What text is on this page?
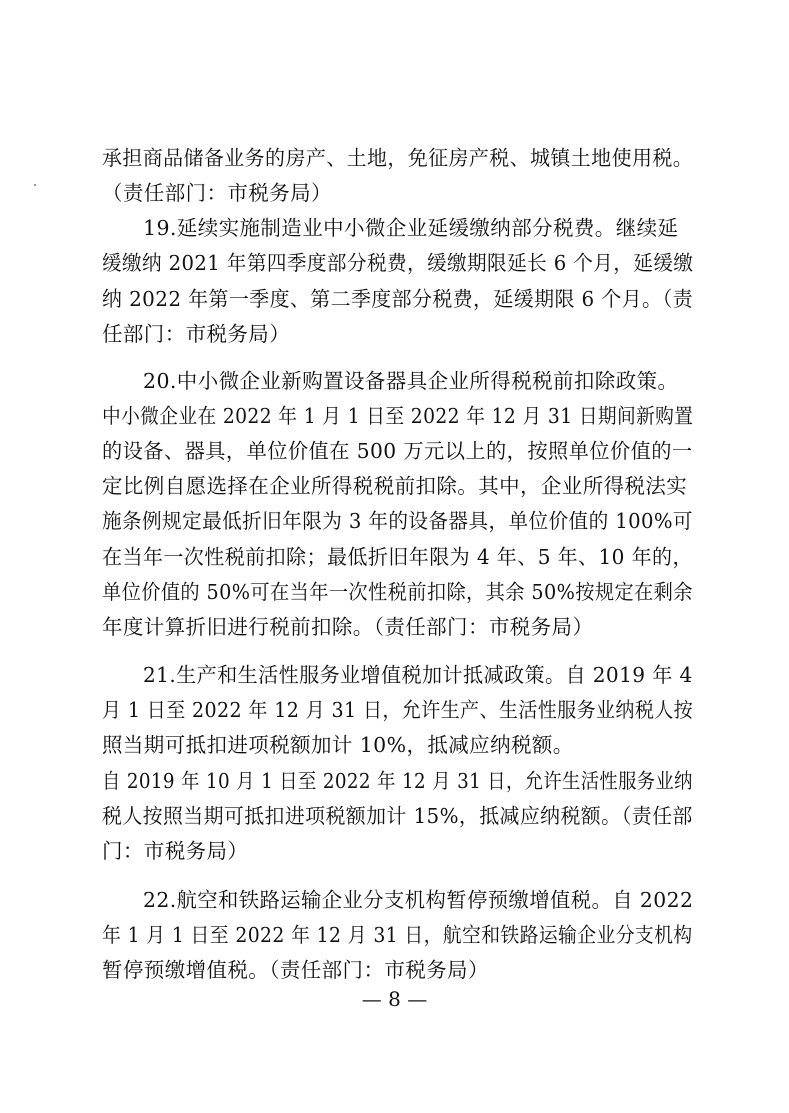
承担商品储备业务的房产、土地，免征房产税、城镇土地使用税。
（责任部门：市税务局）
19.延续实施制造业中小微企业延缓缴纳部分税费。继续延
缓缴纳 2021 年第四季度部分税费，缓缴期限延长 6 个月，延缓缴
纳 2022 年第一季度、第二季度部分税费，延缓期限 6 个月。（责
任部门：市税务局）
20.中小微企业新购置设备器具企业所得税税前扣除政策。
中小微企业在 2022 年 1 月 1 日至 2022 年 12 月 31 日期间新购置
的设备、器具，单位价值在 500 万元以上的，按照单位价值的一
定比例自愿选择在企业所得税税前扣除。其中，企业所得税法实
施条例规定最低折旧年限为 3 年的设备器具，单位价值的 100%可
在当年一次性税前扣除；最低折旧年限为 4 年、5 年、10 年的，
单位价值的 50%可在当年一次性税前扣除，其余 50%按规定在剩余
年度计算折旧进行税前扣除。（责任部门：市税务局）
21.生产和生活性服务业增值税加计抵减政策。自 2019 年 4
月 1 日至 2022 年 12 月 31 日，允许生产、生活性服务业纳税人按
照当期可抵扣进项税额加计 10%，抵减应纳税额。
自 2019 年 10 月 1 日至 2022 年 12 月 31 日，允许生活性服务业纳
税人按照当期可抵扣进项税额加计 15%，抵减应纳税额。（责任部
门：市税务局）
22.航空和铁路运输企业分支机构暂停预缴增值税。自 2022
年 1 月 1 日至 2022 年 12 月 31 日，航空和铁路运输企业分支机构
暂停预缴增值税。（责任部门：市税务局）
— 8 —
